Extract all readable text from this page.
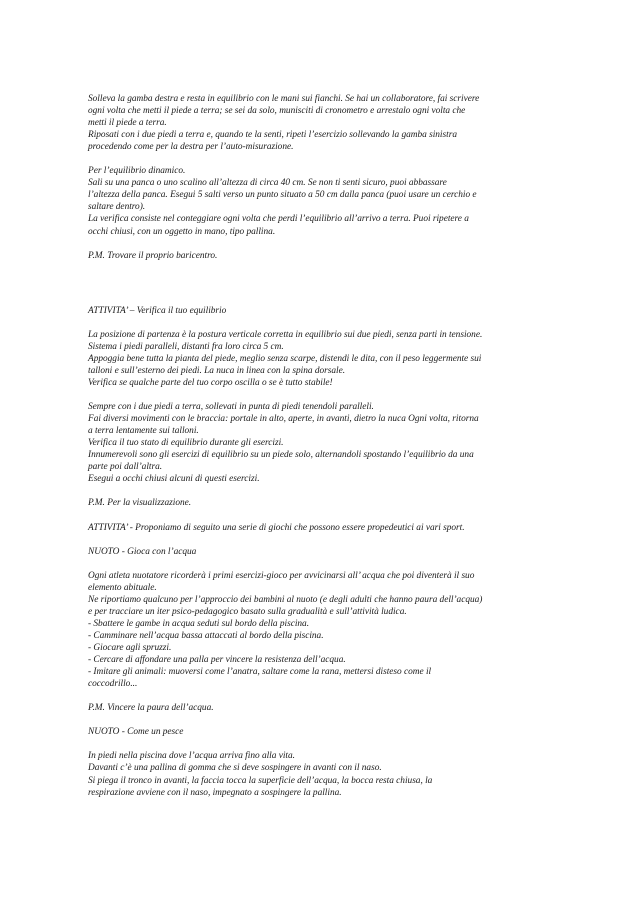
Solleva la gamba destra e resta in equilibrio con le mani sui fianchi. Se hai un collaboratore, fai scrivere
ogni volta che metti il piede a terra; se sei da solo, munisciti di cronometro e arrestalo ogni volta che
metti il piede a terra.
Riposati con i due piedi a terra e, quando te la senti, ripeti l’esercizio sollevando la gamba sinistra
procedendo come per la destra per l’auto-misurazione.
Per l’equilibrio dinamico.
Sali su una panca o uno scalino all’altezza di circa 40 cm. Se non ti senti sicuro, puoi abbassare
l’altezza della panca. Esegui 5 salti verso un punto situato a 50 cm dalla panca (puoi usare un cerchio e
saltare dentro).
La verifica consiste nel conteggiare ogni volta che perdi l’equilibrio all’arrivo a terra. Puoi ripetere a
occhi chiusi, con un oggetto in mano, tipo pallina.
P.M. Trovare il proprio baricentro.
ATTIVITA’ – Verifica il tuo equilibrio
La posizione di partenza è la postura verticale corretta in equilibrio sui due piedi, senza parti in tensione.
Sistema i piedi paralleli, distanti fra loro circa 5 cm.
Appoggia bene tutta la pianta del piede, meglio senza scarpe, distendi le dita, con il peso leggermente sui
talloni e sull’esterno dei piedi. La nuca in linea con la spina dorsale.
Verifica se qualche parte del tuo corpo oscilla o se è tutto stabile!
Sempre con i due piedi a terra, sollevati in punta di piedi tenendoli paralleli.
Fai diversi movimenti con le braccia: portale in alto, aperte, in avanti, dietro la nuca Ogni volta, ritorna
a terra lentamente sui talloni.
Verifica il tuo stato di equilibrio durante gli esercizi.
Innumerevoli sono gli esercizi di equilibrio su un piede solo, alternandoli spostando l’equilibrio da una
parte poi dall’altra.
Esegui a occhi chiusi alcuni di questi esercizi.
P.M. Per la visualizzazione.
ATTIVITA’ - Proponiamo di seguito una serie di giochi che possono essere propedeutici ai vari sport.
NUOTO - Gioca con l’acqua
Ogni atleta nuotatore ricorderà i primi esercizi-gioco per avvicinarsi all’ acqua che poi diventerà il suo
elemento abituale.
Ne riportiamo qualcuno per l’approccio dei bambini al nuoto (e degli adulti che hanno paura dell’acqua)
e per tracciare un iter psico-pedagogico basato sulla gradualità e sull’attività ludica.
- Sbattere le gambe in acqua seduti sul bordo della piscina.
- Camminare nell’acqua bassa attaccati al bordo della piscina.
- Giocare agli spruzzi.
- Cercare di affondare una palla per vincere la resistenza dell’acqua.
- Imitare gli animali: muoversi come l’anatra, saltare come la rana, mettersi disteso come il
coccodrillo...
P.M. Vincere la paura dell’acqua.
NUOTO - Come un pesce
In piedi nella piscina dove l’acqua arriva fino alla vita.
Davanti c’è una pallina di gomma che si deve sospingere in avanti con il naso.
Si piega il tronco in avanti, la faccia tocca la superficie dell’acqua, la bocca resta chiusa, la
respirazione avviene con il naso, impegnato a sospingere la pallina.
